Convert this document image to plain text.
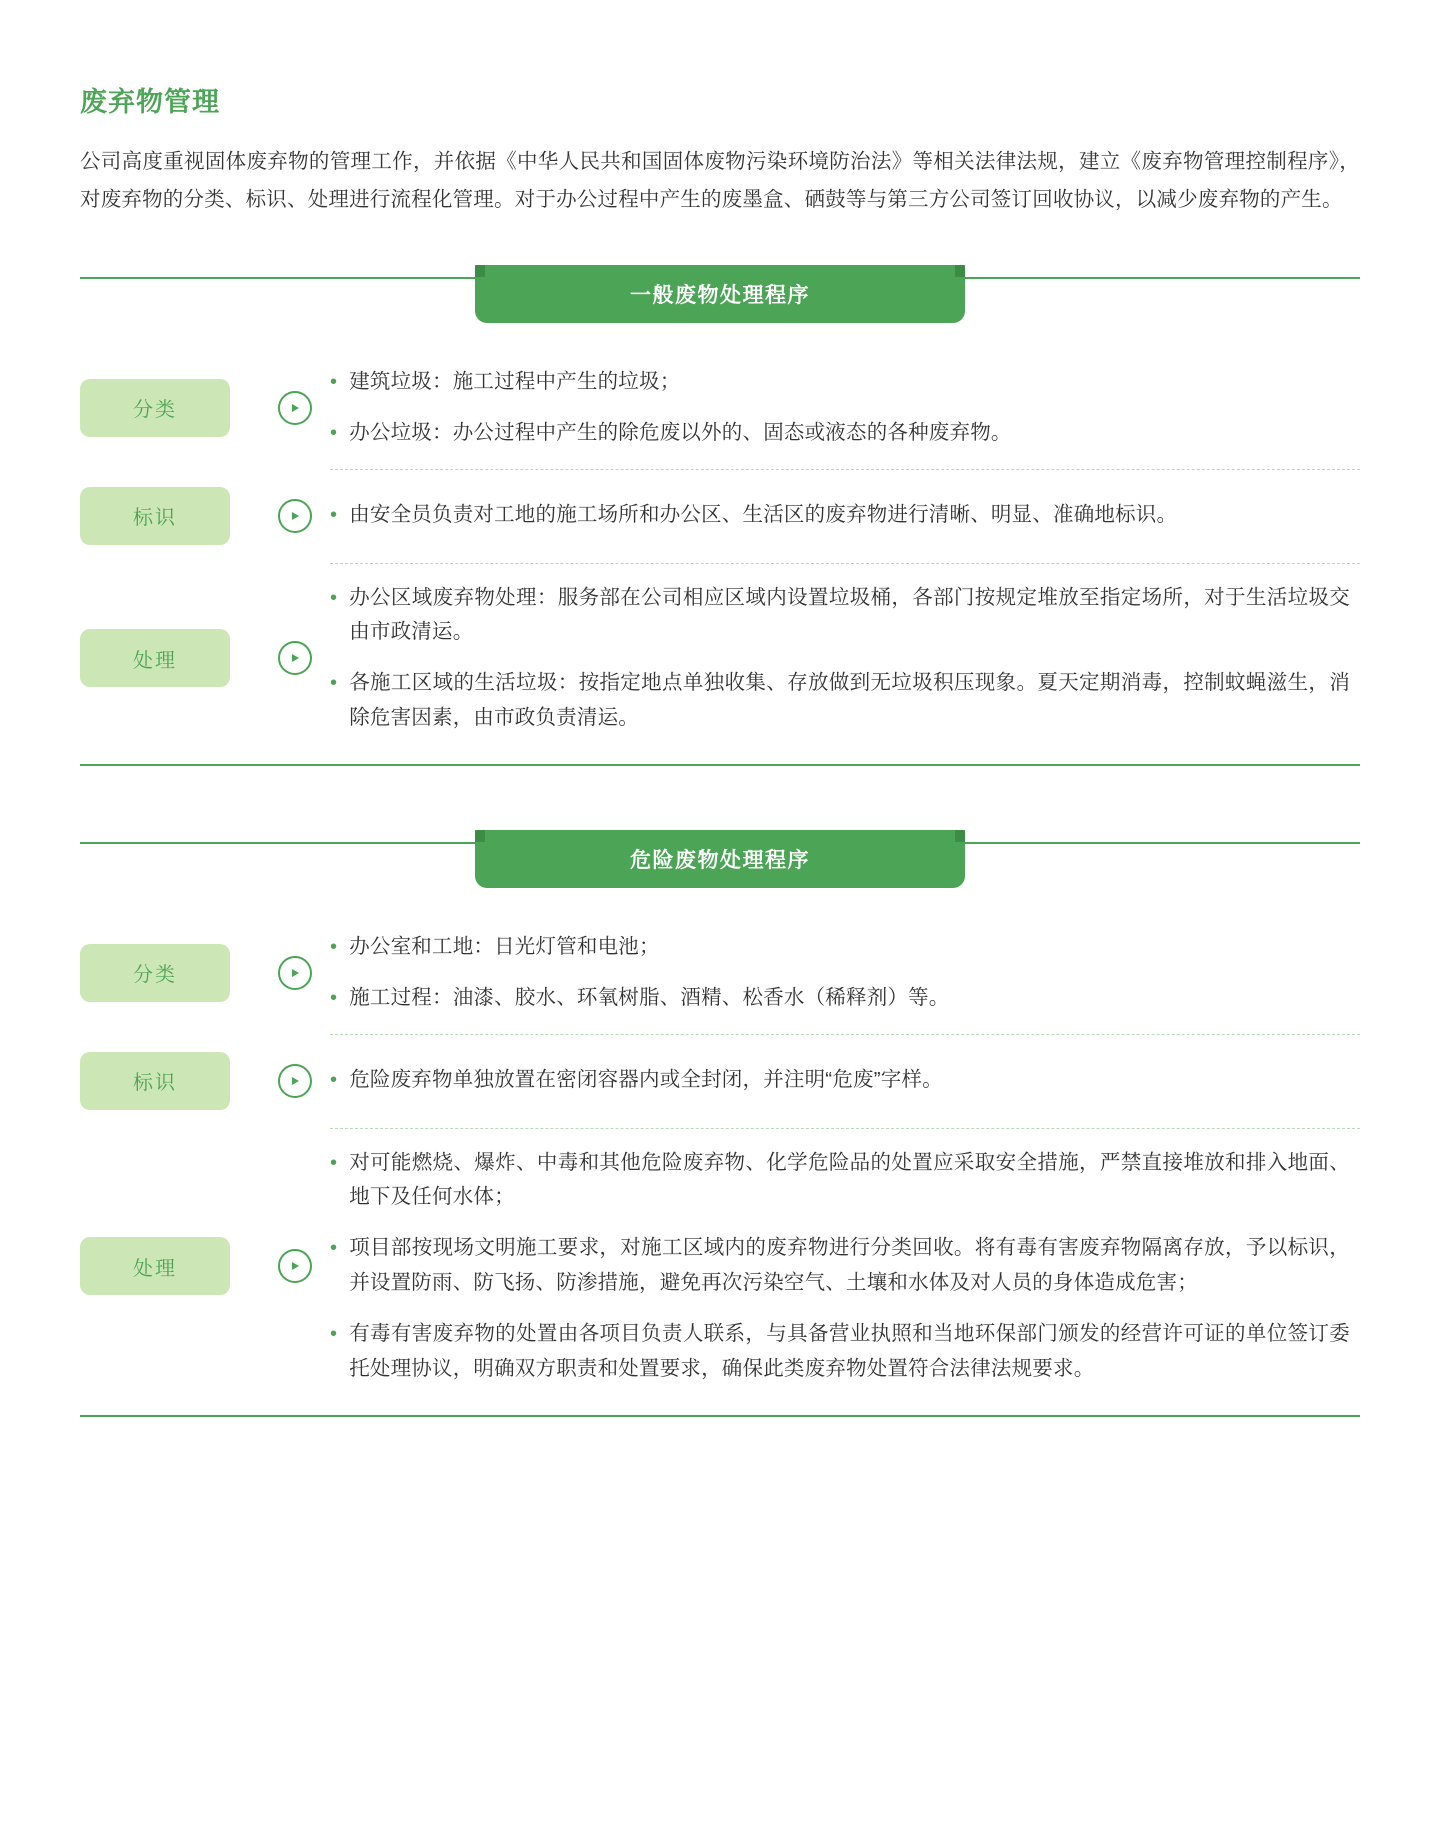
废弃物管理

公司高度重视固体废弃物的管理工作，并依据《中华人民共和国固体废物污染环境防治法》等相关法律法规，建立《废弃物管理控制程序》，对废弃物的分类、标识、处理进行流程化管理。对于办公过程中产生的废墨盒、硒鼓等与第三方公司签订回收协议，以减少废弃物的产生。

一般废物处理程序
分类
• 建筑垃圾：施工过程中产生的垃圾；
• 办公垃圾：办公过程中产生的除危废以外的、固态或液态的各种废弃物。
标识	• 由安全员负责对工地的施工场所和办公区、生活区的废弃物进行清晰、明显、准确地标识。
处理
• 办公区域废弃物处理：服务部在公司相应区域内设置垃圾桶，各部门按规定堆放至指定场所，对于生活垃圾交由市政清运。
• 各施工区域的生活垃圾：按指定地点单独收集、存放做到无垃圾积压现象。夏天定期消毒，控制蚊蝇滋生，消除危害因素，由市政负责清运。
危险废物处理程序
分类
• 办公室和工地：日光灯管和电池；
• 施工过程：油漆、胶水、环氧树脂、酒精、松香水（稀释剂）等。
标识	• 危险废弃物单独放置在密闭容器内或全封闭，并注明“危废”字样。
处理
• 对可能燃烧、爆炸、中毒和其他危险废弃物、化学危险品的处置应采取安全措施，严禁直接堆放和排入地面、地下及任何水体；
• 项目部按现场文明施工要求，对施工区域内的废弃物进行分类回收。将有毒有害废弃物隔离存放，予以标识，并设置防雨、防飞扬、防渗措施，避免再次污染空气、土壤和水体及对人员的身体造成危害；
• 有毒有害废弃物的处置由各项目负责人联系，与具备营业执照和当地环保部门颁发的经营许可证的单位签订委托处理协议，明确双方职责和处置要求，确保此类废弃物处置符合法律法规要求。
